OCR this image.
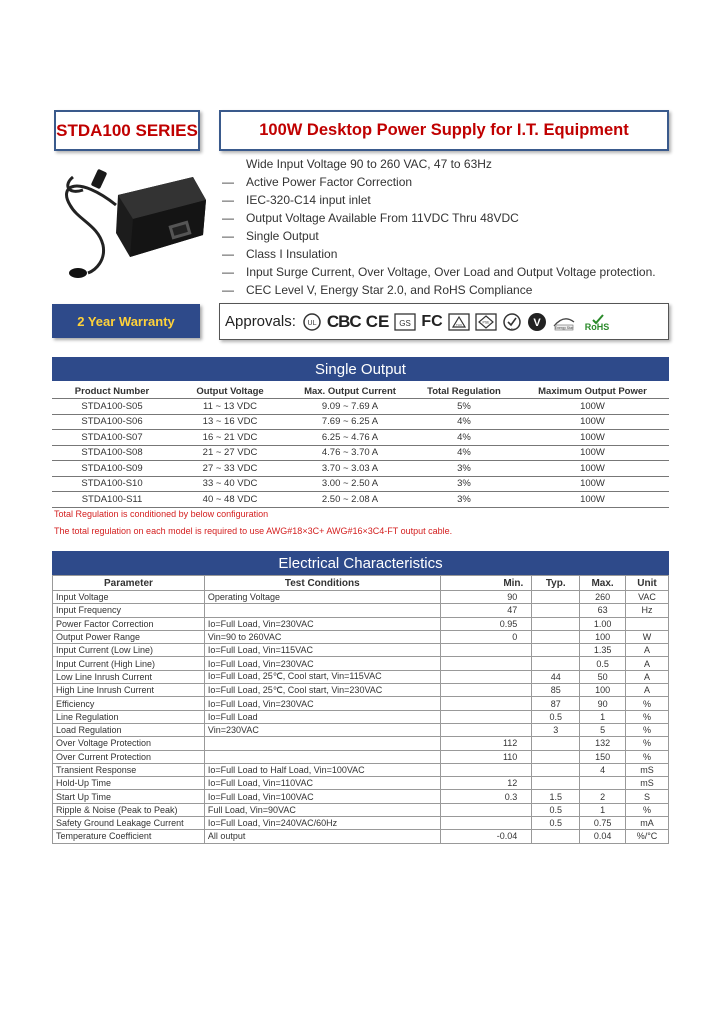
STDA100 SERIES	100W Desktop Power Supply for I.T. Equipment
Wide Input Voltage 90 to 260 VAC, 47 to 63Hz
— Active Power Factor Correction
— IEC-320-C14 input inlet
— Output Voltage Available From 11VDC Thru 48VDC
— Single Output
— Class I Insulation
— Input Surge Current, Over Voltage, Over Load and Output Voltage protection.
— CEC Level V, Energy Star 2.0, and RoHS Compliance
2 Year Warranty	Approvals: UL CBC CE GS FC	TUV
PSE
C-Tick
V	Energy Star RoHS
Single Output
Product Number	Output Voltage	Max. Output Current	Total Regulation	Maximum Output Power
STDA100-S05	11 ~ 13 VDC	9.09 ~ 7.69 A	5%	100W
STDA100-S06	13 ~ 16 VDC	7.69 ~ 6.25 A	4%	100W
STDA100-S07	16 ~ 21 VDC	6.25 ~ 4.76 A	4%	100W
STDA100-S08	21 ~ 27 VDC	4.76 ~ 3.70 A	4%	100W
STDA100-S09	27 ~ 33 VDC	3.70 ~ 3.03 A	3%	100W
STDA100-S10	33 ~ 40 VDC	3.00 ~ 2.50 A	3%	100W
STDA100-S11	40 ~ 48 VDC	2.50 ~ 2.08 A	3%	100W
Total Regulation is conditioned by below configuration
The total regulation on each model is required to use AWG#18×3C+ AWG#16×3C4-FT output cable.
Electrical Characteristics
Parameter	Test Conditions	Min.	Typ.	Max.	Unit
Input Voltage	Operating Voltage	90		260	VAC
Input Frequency		47		63	Hz
Power Factor Correction	Io=Full Load, Vin=230VAC	0.95		1.00	
Output Power Range	Vin=90 to 260VAC	0		100	W
Input Current (Low Line)	Io=Full Load, Vin=115VAC			1.35	A
Input Current (High Line)	Io=Full Load, Vin=230VAC			0.5	A
Low Line Inrush Current	Io=Full Load, 25℃, Cool start, Vin=115VAC		44	50	A
High Line Inrush Current	Io=Full Load, 25℃, Cool start, Vin=230VAC		85	100	A
Efficiency	Io=Full Load, Vin=230VAC		87	90	%
Line Regulation	Io=Full Load		0.5	1	%
Load Regulation	Vin=230VAC		3	5	%
Over Voltage Protection		112		132	%
Over Current Protection		110		150	%
Transient Response	Io=Full Load to Half Load, Vin=100VAC			4	mS
Hold-Up Time	Io=Full Load, Vin=110VAC	12			mS
Start Up Time	Io=Full Load, Vin=100VAC	0.3	1.5	2	S
Ripple & Noise (Peak to Peak)	Full Load, Vin=90VAC		0.5	1	%
Safety Ground Leakage Current	Io=Full Load, Vin=240VAC/60Hz		0.5	0.75	mA
Temperature Coefficient	All output	-0.04		0.04	%/°C
